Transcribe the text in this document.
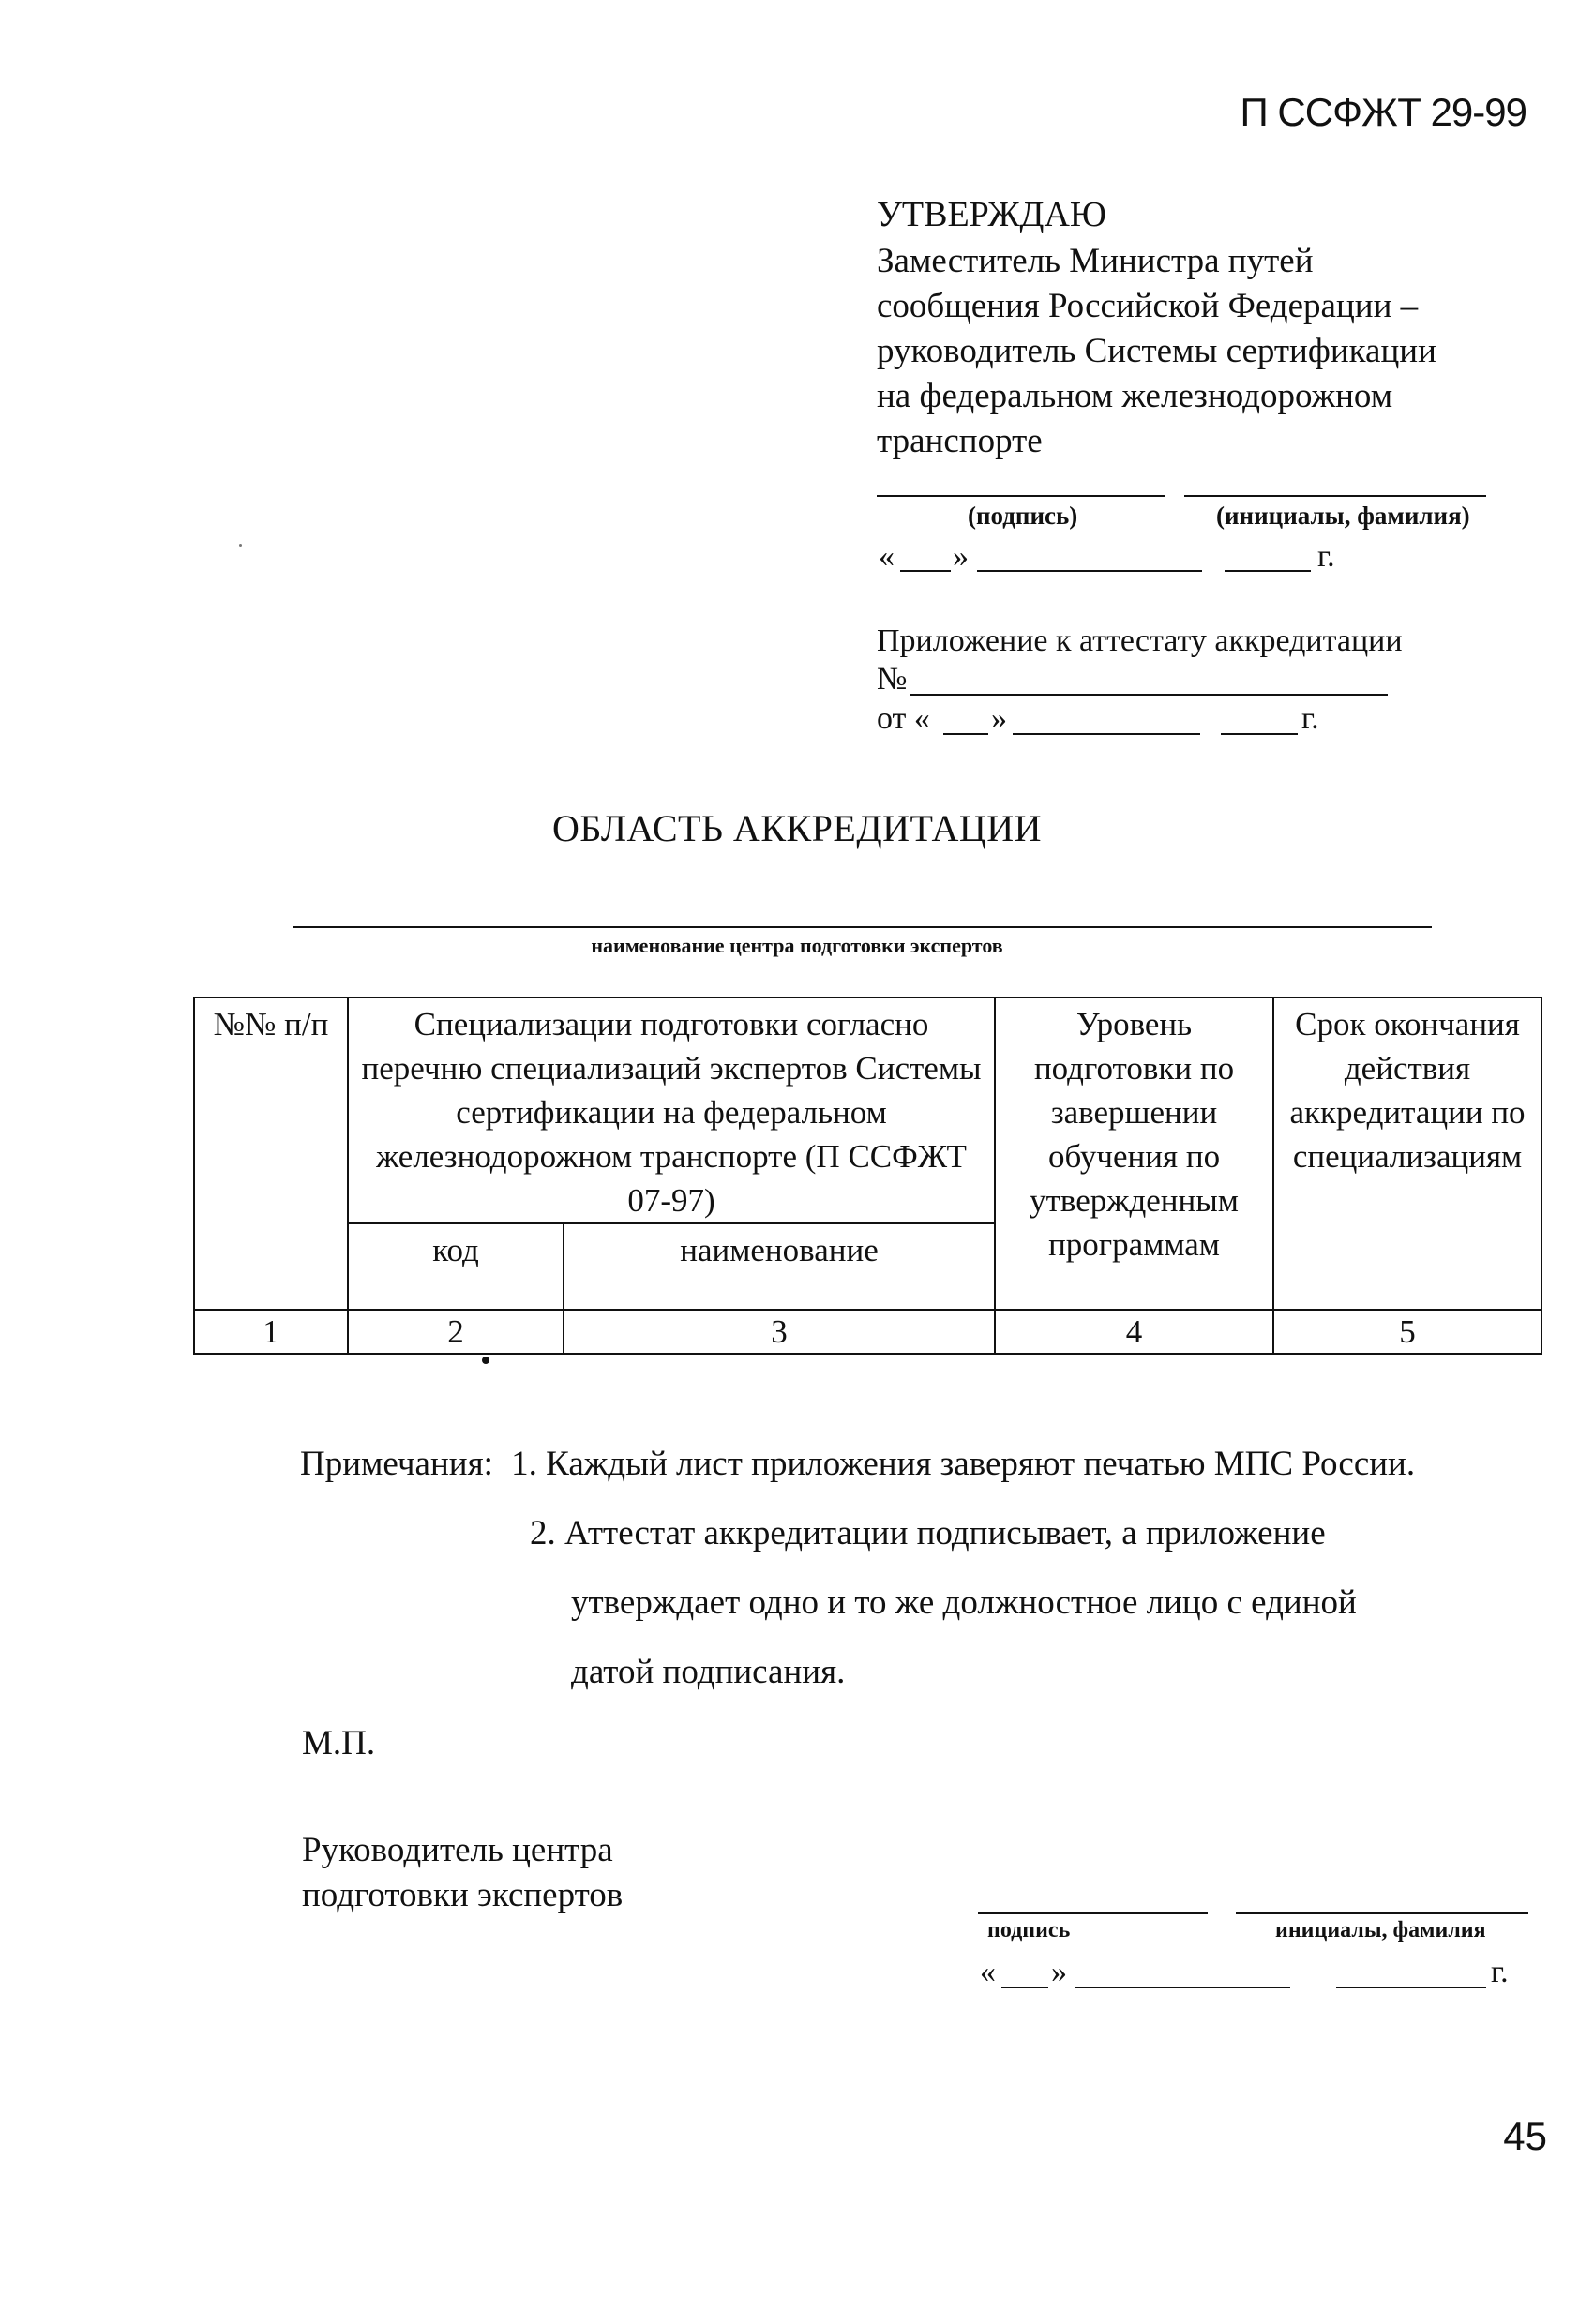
П ССФЖТ 29-99
УТВЕРЖДАЮ
Заместитель Министра путей
сообщения Российской Федерации –
руководитель Системы сертификации
на федеральном железнодорожном
транспорте
(подпись)	(инициалы, фамилия)
« »	г.
Приложение к аттестату аккредитации
№
от « »	г.
ОБЛАСТЬ АККРЕДИТАЦИИ
наименование центра подготовки экспертов
№№ п/п	Специализации подготовки согласно перечню специализаций экспертов Системы сертификации на федеральном железнодорожном транспорте (П ССФЖТ 07-97)		Уровень подготовки по завершении обучения по утвержденным программам	Срок окончания действия аккредитации по специализациям
	код	наименование		
1	2	3	4	5
Примечания: 1. Каждый лист приложения заверяют печатью МПС России.
2. Аттестат аккредитации подписывает, а приложение
утверждает одно и то же должностное лицо с единой
датой подписания.
М.П.
Руководитель центра
подготовки экспертов
подпись	инициалы, фамилия
« »	г.
45
